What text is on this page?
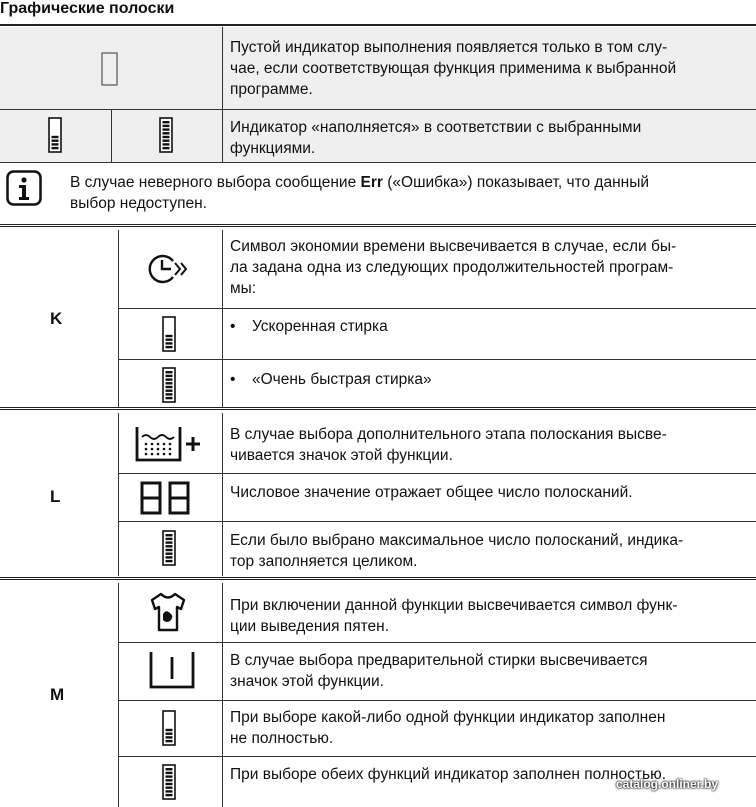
Графические полоски
Пустой индикатор выполнения появляется только в том слу-
чае, если соответствующая функция применима к выбранной
программе.
Индикатор «наполняется» в соответствии с выбранными
функциями.
В случае неверного выбора сообщение Err («Ошибка») показывает, что данный
выбор недоступен.
K
Символ экономии времени высвечивается в случае, если бы-
ла задана одна из следующих продолжительностей програм-
мы:
• Ускоренная стирка
• «Очень быстрая стирка»
L
В случае выбора дополнительного этапа полоскания высве-
чивается значок этой функции.
Числовое значение отражает общее число полосканий.
Если было выбрано максимальное число полосканий, индика-
тор заполняется целиком.
M
При включении данной функции высвечивается символ функ-
ции выведения пятен.
В случае выбора предварительной стирки высвечивается
значок этой функции.
При выборе какой-либо одной функции индикатор заполнен
не полностью.
При выборе обеих функций индикатор заполнен полностью.
catalog.onliner.by
